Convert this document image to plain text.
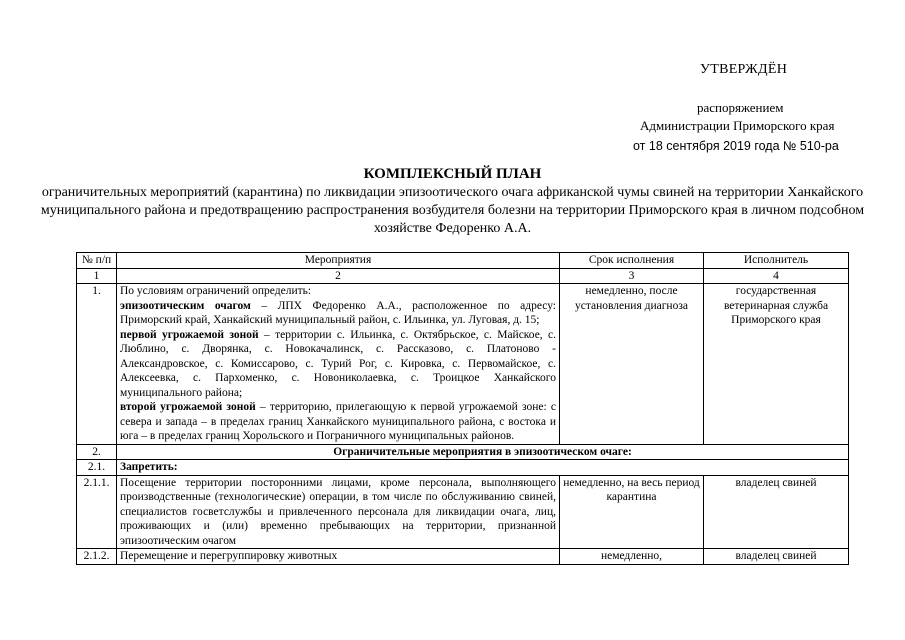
УТВЕРЖДЁН
распоряжением
Администрации Приморского края
от 18 сентября 2019 года № 510-ра
КОМПЛЕКСНЫЙ ПЛАН
ограничительных мероприятий (карантина) по ликвидации эпизоотического очага африканской чумы свиней на территории Ханкайского муниципального района и предотвращению распространения возбудителя болезни на территории Приморского края в личном подсобном хозяйстве Федоренко А.А.
№ п/п	Мероприятия	Срок исполнения	Исполнитель
1	2	3	4
1.	По условиям ограничений определить:
эпизоотическим очагом – ЛПХ Федоренко А.А., расположенное по адресу: Приморский край, Ханкайский муниципальный район, с. Ильинка, ул. Луговая, д. 15;
первой угрожаемой зоной – территории с. Ильинка, с. Октябрьское, с. Майское, с. Люблино, с. Дворянка, с. Новокачалинск, с. Рассказово, с. Платоново - Александровское, с. Комиссарово, с. Турий Рог, с. Кировка, с. Первомайское, с. Алексеевка, с. Пархоменко, с. Новониколаевка, с. Троицкое Ханкайского муниципального района;
второй угрожаемой зоной – территорию, прилегающую к первой угрожаемой зоне: с севера и запада – в пределах границ Ханкайского муниципального района, с востока и юга – в пределах границ Хорольского и Пограничного муниципальных районов.	немедленно, после установления диагноза	государственная ветеринарная служба Приморского края
2.	Ограничительные мероприятия в эпизоотическом очаге:		
2.1.	Запретить:		
2.1.1.	Посещение территории посторонними лицами, кроме персонала, выполняющего производственные (технологические) операции, в том числе по обслуживанию свиней, специалистов госветслужбы и привлеченного персонала для ликвидации очага, лиц, проживающих и (или) временно пребывающих на территории, признанной эпизоотическим очагом	немедленно, на весь период карантина	владелец свиней
2.1.2.	Перемещение и перегруппировку животных	немедленно,	владелец свиней
